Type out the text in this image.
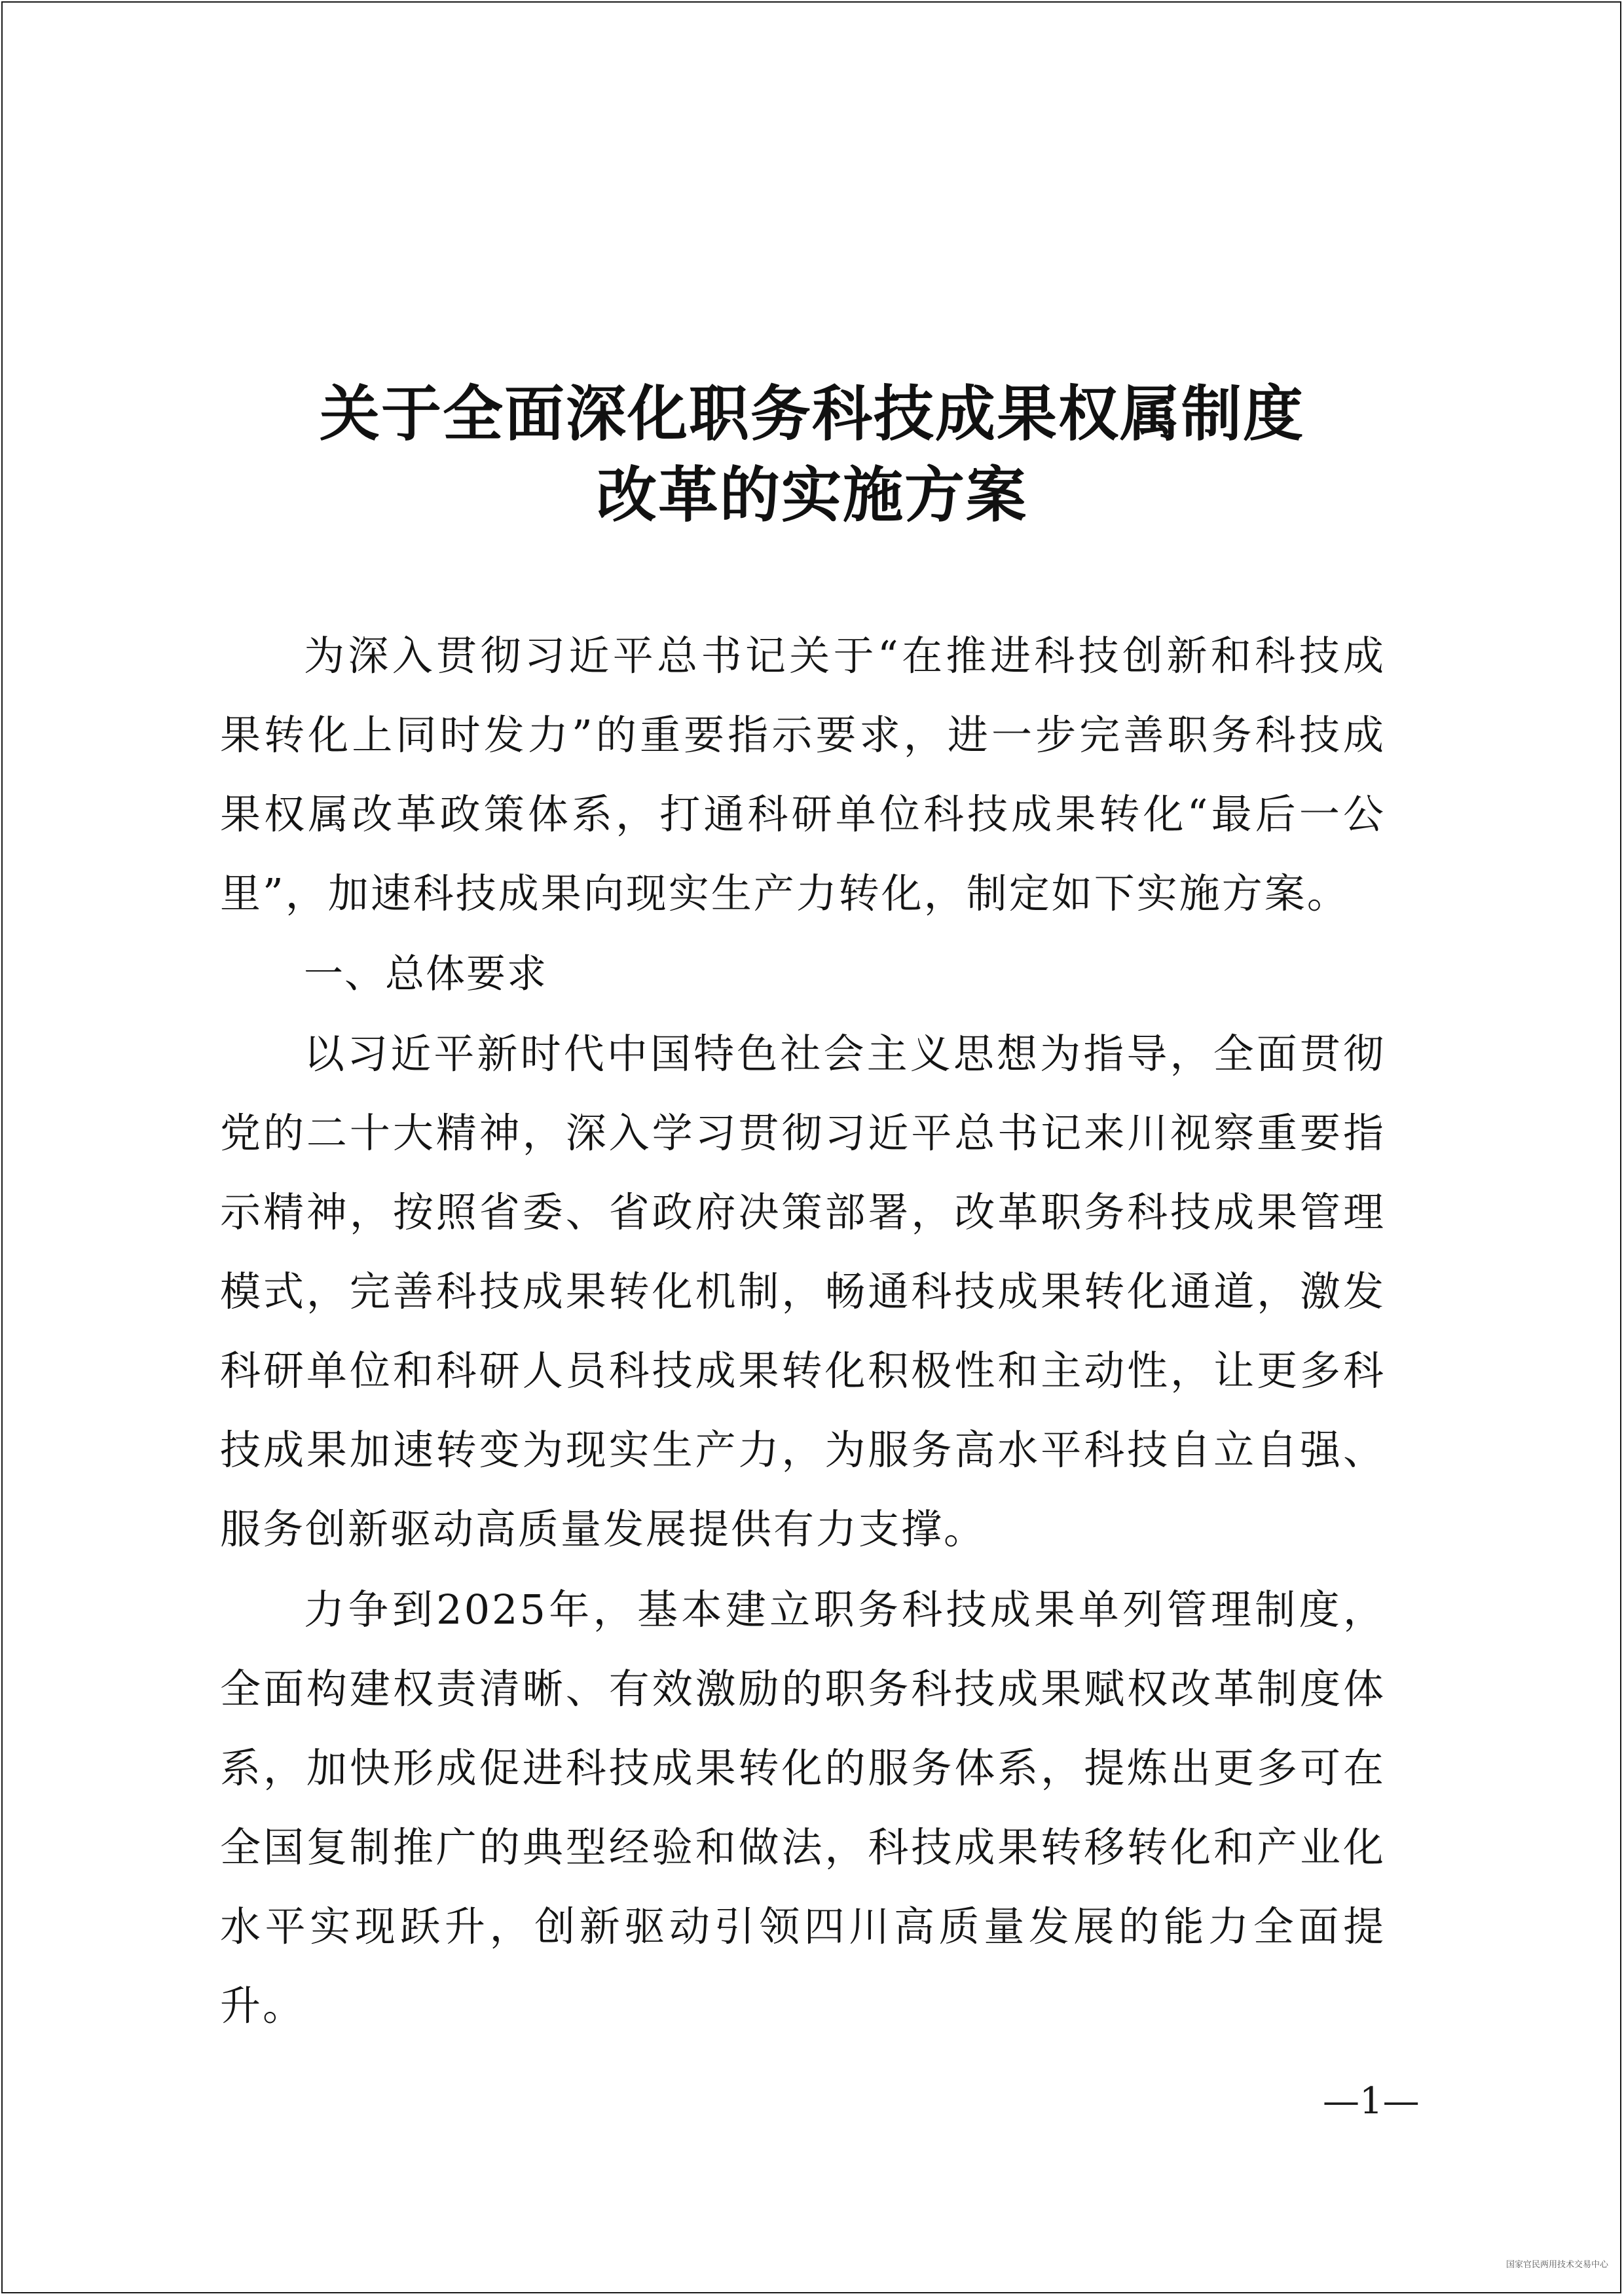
关于全面深化职务科技成果权属制度
改革的实施方案

为深入贯彻习近平总书记关于“在推进科技创新和科技成果转化上同时发力”的重要指示要求，进一步完善职务科技成果权属改革政策体系，打通科研单位科技成果转化“最后一公里”，加速科技成果向现实生产力转化，制定如下实施方案。

一、总体要求

以习近平新时代中国特色社会主义思想为指导，全面贯彻党的二十大精神，深入学习贯彻习近平总书记来川视察重要指示精神，按照省委、省政府决策部署，改革职务科技成果管理模式，完善科技成果转化机制，畅通科技成果转化通道，激发科研单位和科研人员科技成果转化积极性和主动性，让更多科技成果加速转变为现实生产力，为服务高水平科技自立自强、服务创新驱动高质量发展提供有力支撑。

力争到2025年，基本建立职务科技成果单列管理制度，全面构建权责清晰、有效激励的职务科技成果赋权改革制度体系，加快形成促进科技成果转化的服务体系，提炼出更多可在全国复制推广的典型经验和做法，科技成果转移转化和产业化水平实现跃升，创新驱动引领四川高质量发展的能力全面提升。

—1—
国家官民两用技术交易中心
